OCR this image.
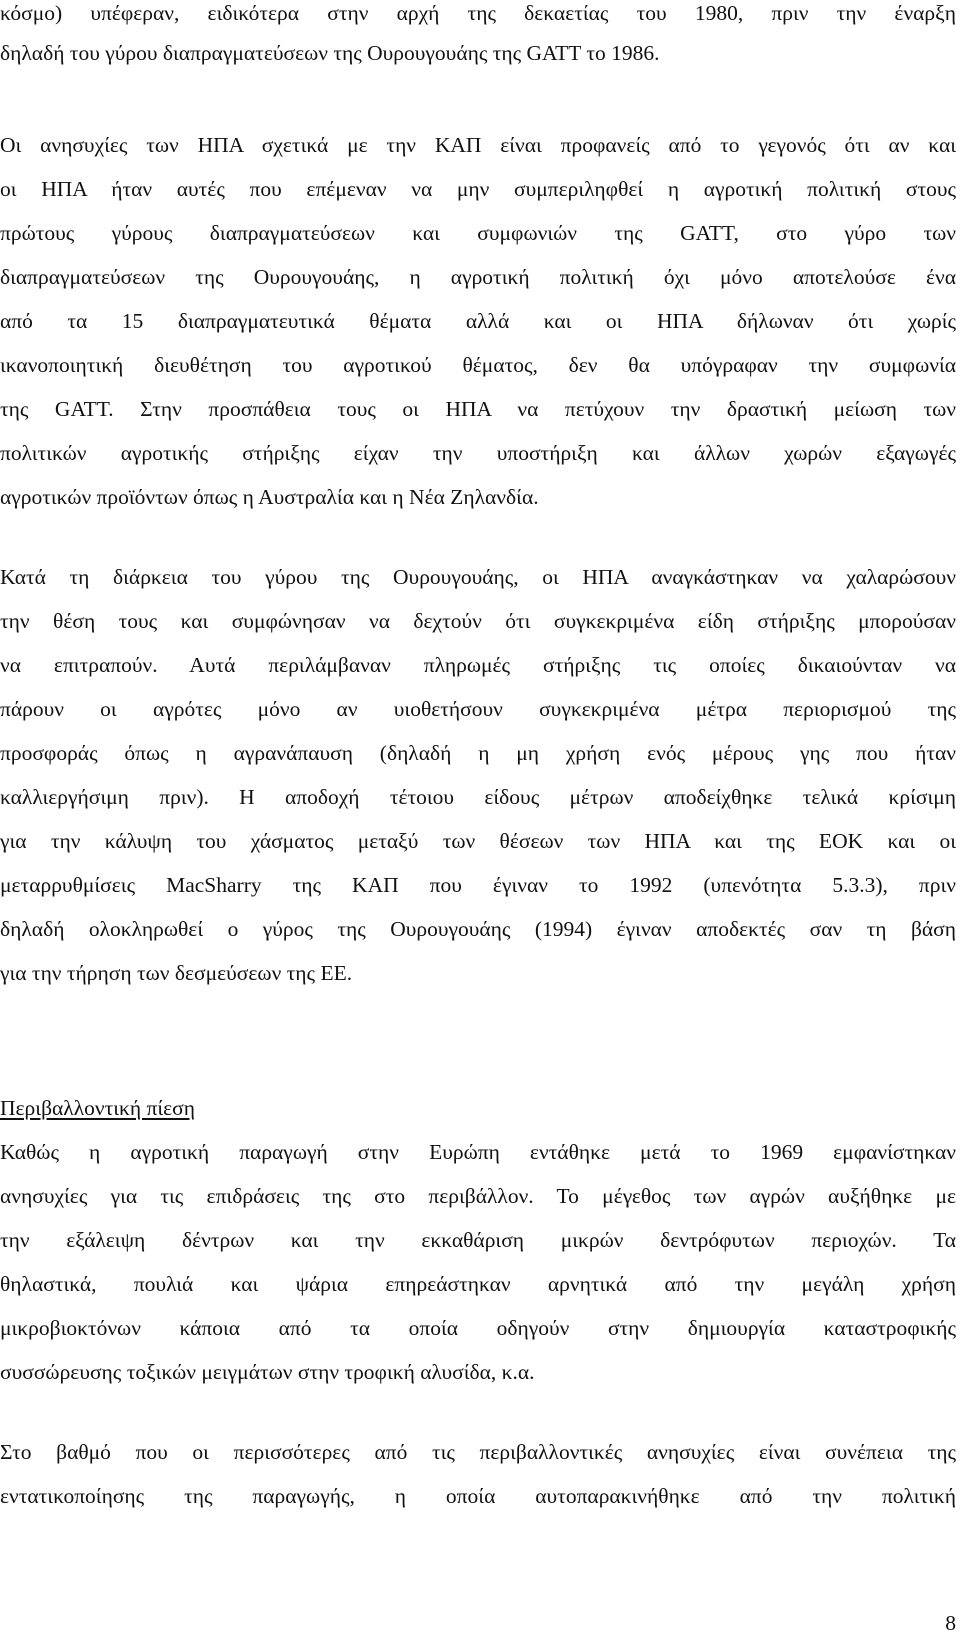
κόσμο) υπέφεραν, ειδικότερα στην αρχή της δεκαετίας του 1980, πριν την έναρξη
δηλαδή του γύρου διαπραγματεύσεων της Ουρουγουάης της GATT το 1986.
Οι ανησυχίες των ΗΠΑ σχετικά με την ΚΑΠ είναι προφανείς από το γεγονός ότι αν και
οι ΗΠΑ ήταν αυτές που επέμεναν να μην συμπεριληφθεί η αγροτική πολιτική στους
πρώτους γύρους διαπραγματεύσεων και συμφωνιών της GATT, στο γύρο των
διαπραγματεύσεων της Ουρουγουάης, η αγροτική πολιτική όχι μόνο αποτελούσε ένα
από τα 15 διαπραγματευτικά θέματα αλλά και οι ΗΠΑ δήλωναν ότι χωρίς
ικανοποιητική διευθέτηση του αγροτικού θέματος, δεν θα υπόγραφαν την συμφωνία
της GATT. Στην προσπάθεια τους οι ΗΠΑ να πετύχουν την δραστική μείωση των
πολιτικών αγροτικής στήριξης είχαν την υποστήριξη και άλλων χωρών εξαγωγές
αγροτικών προϊόντων όπως η Αυστραλία και η Νέα Ζηλανδία.
Κατά τη διάρκεια του γύρου της Ουρουγουάης, οι ΗΠΑ αναγκάστηκαν να χαλαρώσουν
την θέση τους και συμφώνησαν να δεχτούν ότι συγκεκριμένα είδη στήριξης μπορούσαν
να επιτραπούν. Αυτά περιλάμβαναν πληρωμές στήριξης τις οποίες δικαιούνταν να
πάρουν οι αγρότες μόνο αν υιοθετήσουν συγκεκριμένα μέτρα περιορισμού της
προσφοράς όπως η αγρανάπαυση (δηλαδή η μη χρήση ενός μέρους γης που ήταν
καλλιεργήσιμη πριν). Η αποδοχή τέτοιου είδους μέτρων αποδείχθηκε τελικά κρίσιμη
για την κάλυψη του χάσματος μεταξύ των θέσεων των ΗΠΑ και της ΕΟΚ και οι
μεταρρυθμίσεις MacSharry της ΚΑΠ που έγιναν το 1992 (υπενότητα 5.3.3), πριν
δηλαδή ολοκληρωθεί ο γύρος της Ουρουγουάης (1994) έγιναν αποδεκτές σαν τη βάση
για την τήρηση των δεσμεύσεων της ΕΕ.
Περιβαλλοντική πίεση
Καθώς η αγροτική παραγωγή στην Ευρώπη εντάθηκε μετά το 1969 εμφανίστηκαν
ανησυχίες για τις επιδράσεις της στο περιβάλλον. Το μέγεθος των αγρών αυξήθηκε με
την εξάλειψη δέντρων και την εκκαθάριση μικρών δεντρόφυτων περιοχών. Τα
θηλαστικά, πουλιά και ψάρια επηρεάστηκαν αρνητικά από την μεγάλη χρήση
μικροβιοκτόνων κάποια από τα οποία οδηγούν στην δημιουργία καταστροφικής
συσσώρευσης τοξικών μειγμάτων στην τροφική αλυσίδα, κ.α.
Στο βαθμό που οι περισσότερες από τις περιβαλλοντικές ανησυχίες είναι συνέπεια της
εντατικοποίησης της παραγωγής, η οποία αυτοπαρακινήθηκε από την πολιτική
8
